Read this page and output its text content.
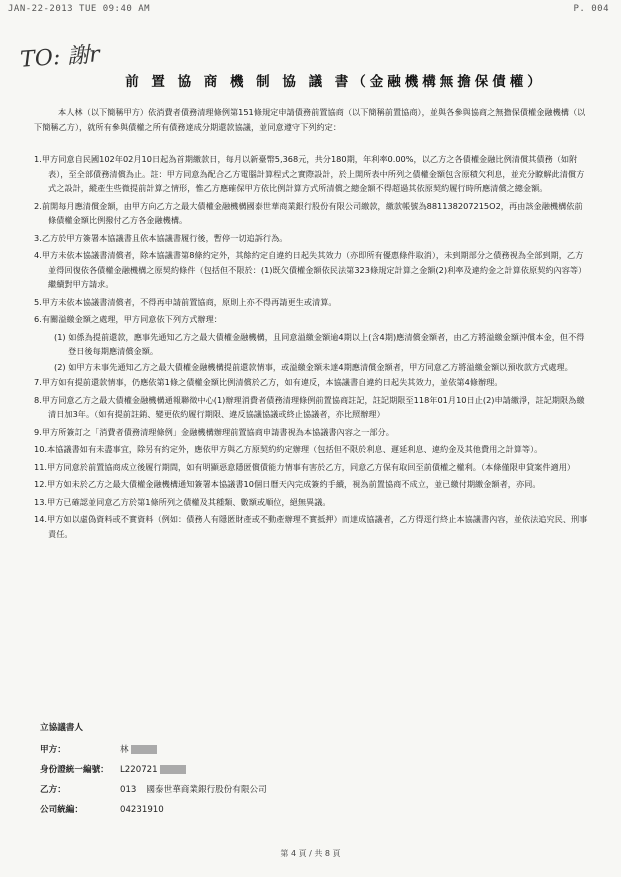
JAN-22-2013 TUE 09:40 AM	P. 004
TO: 謝r
前 置 協 商 機 制 協 議 書（金融機構無擔保債權）

本人林（以下簡稱甲方）依消費者債務清理條例第151條規定申請債務前置協商（以下簡稱前置協商），並與各參與協商之無擔保債權金融機構（以下簡稱乙方），就所有參與債權之所有債務達成分期還款協議，並同意遵守下列約定：

1.甲方同意自民國102年02月10日起為首期繳款日，每月以新臺幣5,368元，共分180期，年利率0.00%，以乙方之各債權金融比例清償其債務（如附表），至全部債務清償為止。註：甲方同意為配合乙方電腦計算程式之實際設計，於上開所表中所列之債權金額包含原積欠利息，並充分瞭解此清償方式之設計，縱產生些微提前計算之情形，惟乙方應確保甲方依比例計算方式所清償之總金額不得超過其依原契約履行時所應清償之總金額。
2.前開每月應清償金額，由甲方向乙方之最大債權金融機構國泰世華商業銀行股份有限公司繳款，繳款帳號為881138207215O2，再由該金融機構依前條債權金額比例撥付乙方各金融機構。
3.乙方於甲方簽署本協議書且依本協議書履行後，暫停一切追訴行為。
4.甲方未依本協議書清償者，除本協議書第8條約定外，其餘約定自違約日起失其效力（亦即所有優惠條件取消），未到期部分之債務視為全部到期，乙方並得回復依各債權金融機構之原契約條件（包括但不限於：(1)既欠債權金額依民法第323條規定計算之金額(2)利率及違約金之計算依原契約內容等）繼續對甲方請求。
5.甲方未依本協議書清償者，不得再申請前置協商，原則上亦不得再請更生或清算。
6.有關溢繳金額之處理，甲方同意依下列方式辦理：
(1) 如係為提前還款，應事先通知乙方之最大債權金融機構，且同意溢繳金額逾4期以上(含4期)應清償金額者，由乙方將溢繳金額沖償本金，但不得登日後每期應清償金額。
(2) 如甲方未事先通知乙方之最大債權金融機構提前還款情事，或溢繳金額未達4期應清償金額者，甲方同意乙方將溢繳金額以預收款方式處理。
7.甲方如有提前還款情事，仍應依第1條之債權金額比例清償於乙方，如有違反，本協議書自違約日起失其效力，並依第4條辦理。
8.甲方同意乙方之最大債權金融機構通報聯徵中心(1)辦理消費者債務清理條例前置協商註記，註記期限至118年01月10日止(2)申請繳淨，註記期限為繳清日加3年。（如有提前註銷、變更依約履行期限、違反協議協議或終止協議者，亦比照辦理）
9.甲方所簽訂之「消費者債務清理條例」金融機構辦理前置協商申請書視為本協議書內容之一部分。
10.本協議書如有未盡事宜，除另有約定外，應依甲方與乙方原契約約定辦理（包括但不限於利息、遲延利息、違約金及其他費用之計算等）。
11.甲方同意於前置協商成立後履行期間，如有明顯惡意隱匿償債能力情事有害於乙方，同意乙方保有取回至前債權之權利。（本條僅限申貸案件適用）
12.甲方如未於乙方之最大債權金融機構通知簽署本協議書10個日曆天內完成簽約手續，視為前置協商不成立，並已繳付期繳金額者，亦同。
13.甲方已確認並同意乙方於第1條所列之債權及其種類、數額或順位，絕無異議。
14.甲方如以虛偽資料或不實資料（例如：債務人有隱匿財產或不動產辦理不實抵押）而達成協議者，乙方得逕行終止本協議書內容，並依法追究民、刑事責任。
立協議書人
甲方：	林
身份證統一編號： L220721
乙方：	013 國泰世華商業銀行股份有限公司
公司統編：	04231910
第 4 頁 / 共 8 頁
